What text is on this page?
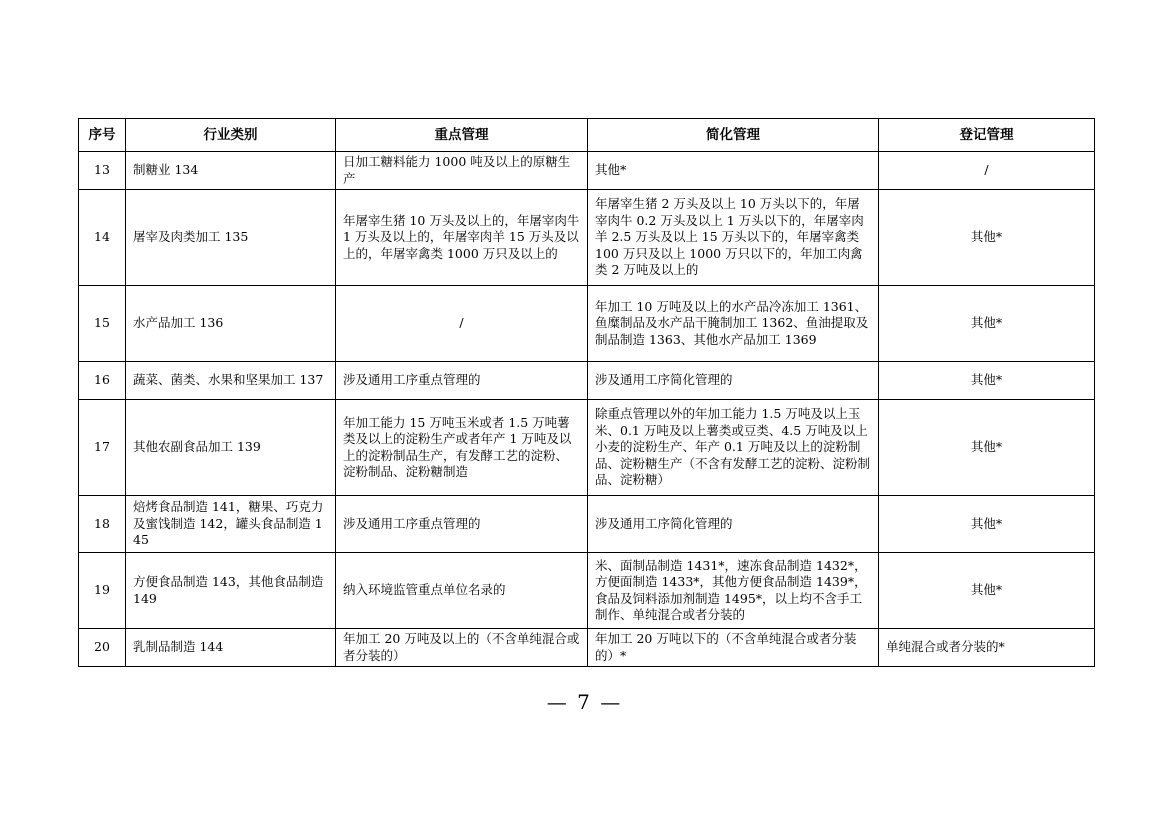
序号	行业类别	重点管理	简化管理	登记管理
13	制糖业 134	日加工糖料能力 1000 吨及以上的原糖生产	其他*	/
14	屠宰及肉类加工 135	年屠宰生猪 10 万头及以上的，年屠宰肉牛 1 万头及以上的，年屠宰肉羊 15 万头及以上的，年屠宰禽类 1000 万只及以上的	年屠宰生猪 2 万头及以上 10 万头以下的，年屠宰肉牛 0.2 万头及以上 1 万头以下的，年屠宰肉羊 2.5 万头及以上 15 万头以下的，年屠宰禽类 100 万只及以上 1000 万只以下的，年加工肉禽类 2 万吨及以上的	其他*
15	水产品加工 136	/	年加工 10 万吨及以上的水产品冷冻加工 1361、鱼糜制品及水产品干腌制加工 1362、鱼油提取及制品制造 1363、其他水产品加工 1369	其他*
16	蔬菜、菌类、水果和坚果加工 137	涉及通用工序重点管理的	涉及通用工序简化管理的	其他*
17	其他农副食品加工 139	年加工能力 15 万吨玉米或者 1.5 万吨薯类及以上的淀粉生产或者年产 1 万吨及以上的淀粉制品生产，有发酵工艺的淀粉、淀粉制品、淀粉糖制造	除重点管理以外的年加工能力 1.5 万吨及以上玉米、0.1 万吨及以上薯类或豆类、4.5 万吨及以上小麦的淀粉生产、年产 0.1 万吨及以上的淀粉制品、淀粉糖生产（不含有发酵工艺的淀粉、淀粉制品、淀粉糖）	其他*
18	焙烤食品制造 141，糖果、巧克力及蜜饯制造 142，罐头食品制造 145	涉及通用工序重点管理的	涉及通用工序简化管理的	其他*
19	方便食品制造 143，其他食品制造 149	纳入环境监管重点单位名录的	米、面制品制造 1431*，速冻食品制造 1432*，方便面制造 1433*，其他方便食品制造 1439*，食品及饲料添加剂制造 1495*，以上均不含手工制作、单纯混合或者分装的	其他*
20	乳制品制造 144	年加工 20 万吨及以上的（不含单纯混合或者分装的）	年加工 20 万吨以下的（不含单纯混合或者分装的）*	单纯混合或者分装的*
— 7 —
